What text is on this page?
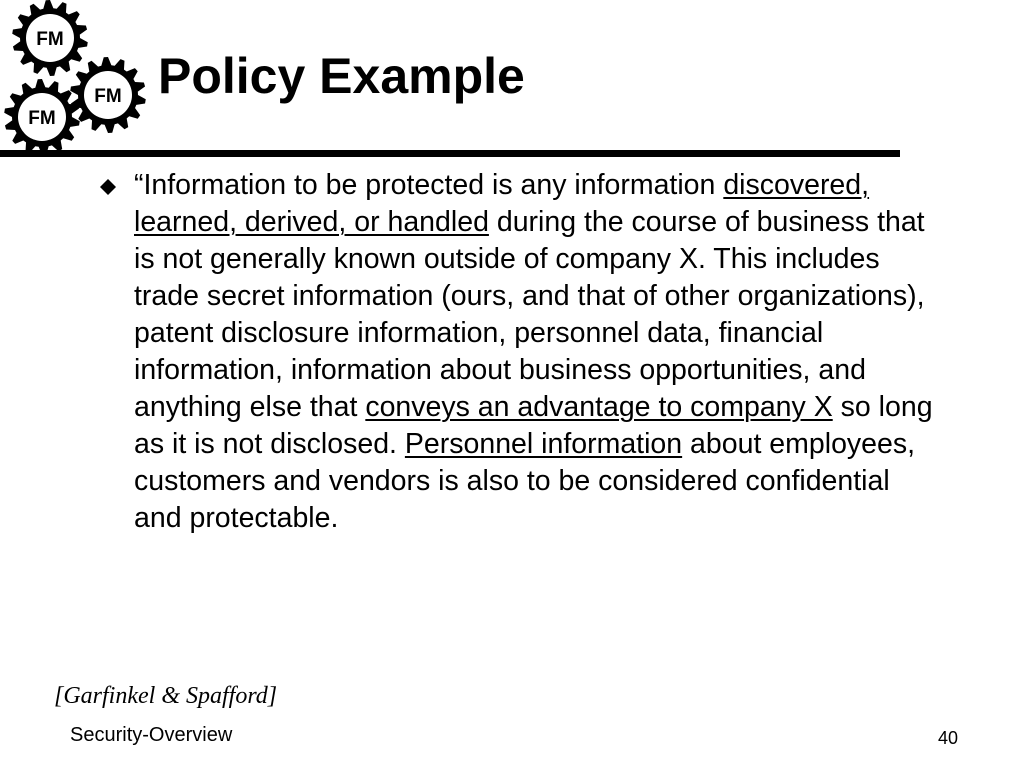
FM
FM
FM
Policy Example

“Information to be protected is any information discovered, learned, derived, or handled during the course of business that is not generally known outside of company X. This includes trade secret information (ours, and that of other organizations), patent disclosure information, personnel data, financial information, information about business opportunities, and anything else that conveys an advantage to company X so long as it is not disclosed. Personnel information about employees, customers and vendors is also to be considered confidential and protectable.

[Garfinkel & Spafford]

Security-Overview	40
